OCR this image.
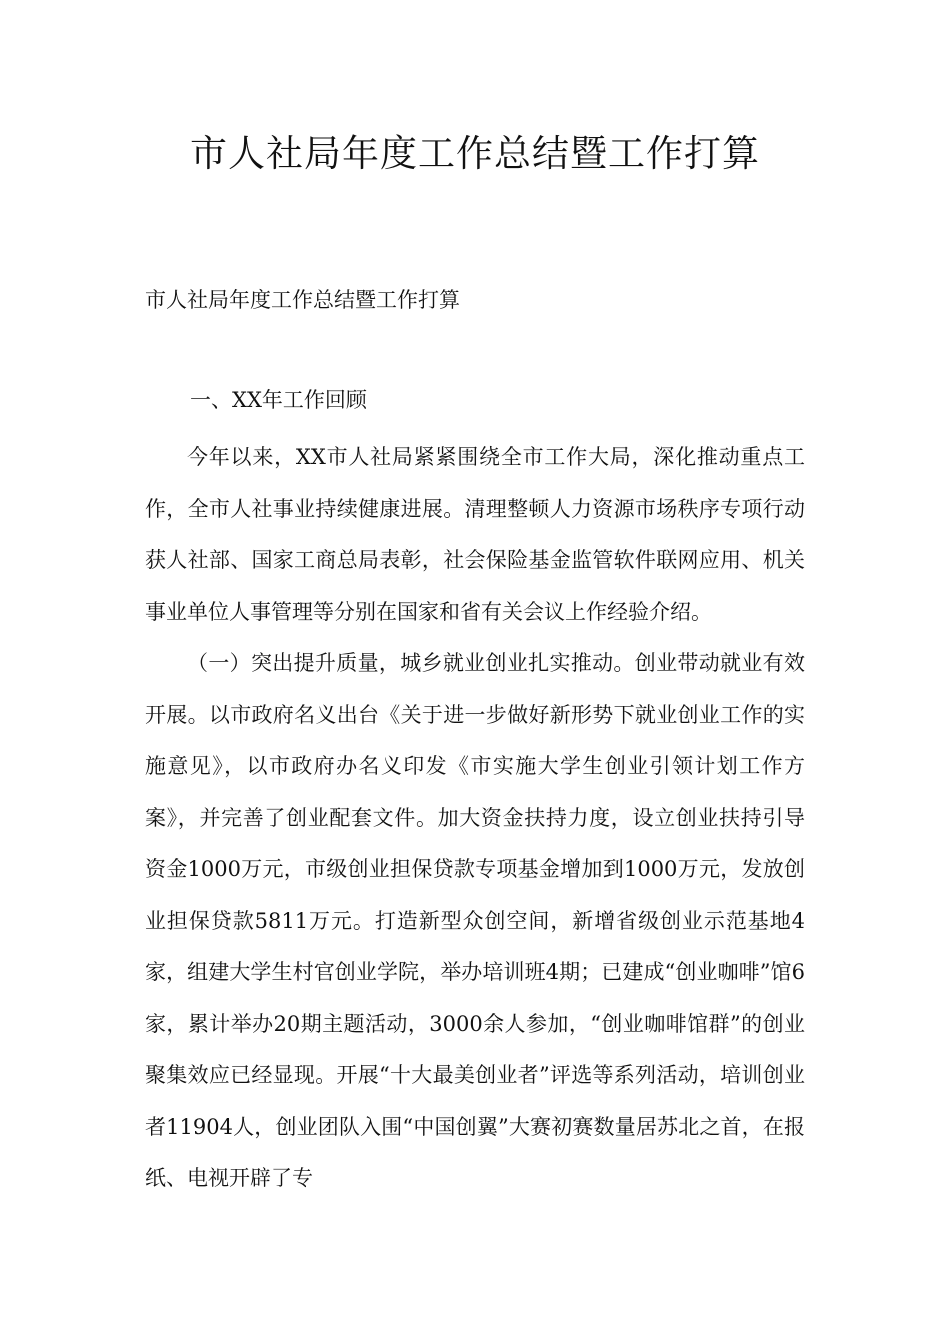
市人社局年度工作总结暨工作打算

市人社局年度工作总结暨工作打算

一、XX年工作回顾

今年以来，XX市人社局紧紧围绕全市工作大局，深化推动重点工作，全市人社事业持续健康进展。清理整顿人力资源市场秩序专项行动获人社部、国家工商总局表彰，社会保险基金监管软件联网应用、机关事业单位人事管理等分别在国家和省有关会议上作经验介绍。

（一）突出提升质量，城乡就业创业扎实推动。创业带动就业有效开展。以市政府名义出台《关于进一步做好新形势下就业创业工作的实施意见》，以市政府办名义印发《市实施大学生创业引领计划工作方案》，并完善了创业配套文件。加大资金扶持力度，设立创业扶持引导资金1000万元，市级创业担保贷款专项基金增加到1000万元，发放创业担保贷款5811万元。打造新型众创空间，新增省级创业示范基地4家，组建大学生村官创业学院，举办培训班4期；已建成“创业咖啡”馆6家，累计举办20期主题活动，3000余人参加，“创业咖啡馆群”的创业聚集效应已经显现。开展“十大最美创业者”评选等系列活动，培训创业者11904人，创业团队入围“中国创翼”大赛初赛数量居苏北之首，在报纸、电视开辟了专
